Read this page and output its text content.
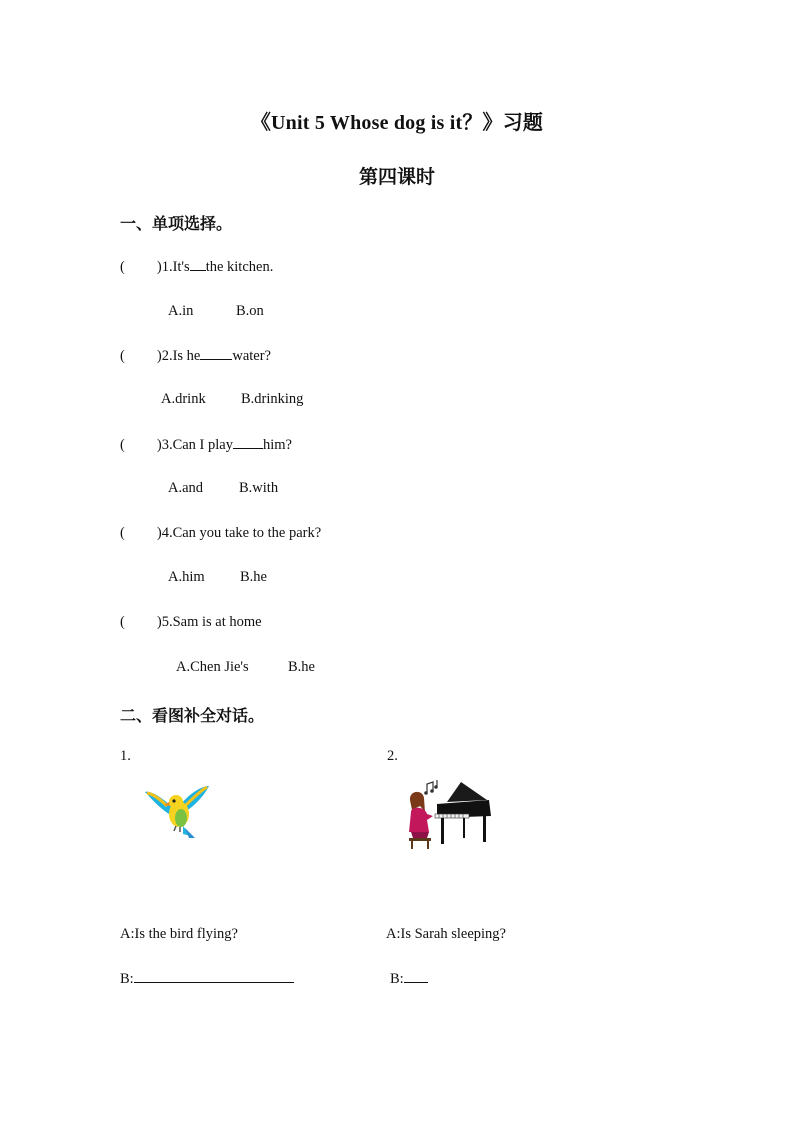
《Unit 5 Whose dog is it？》习题
第四课时
一、单项选择。
( )1.It's the kitchen.
A.in	B.on
( )2.Is he water?
A.drink B.drinking
( )3.Can I play him?
A.and B.with
( )4.Can you take to the park?
A.him B.he
( )5.Sam is at home
A.Chen Jie's	B.he
二、看图补全对话。
1.	2.
A:Is the bird flying?	A:Is Sarah sleeping?
B:	B:
